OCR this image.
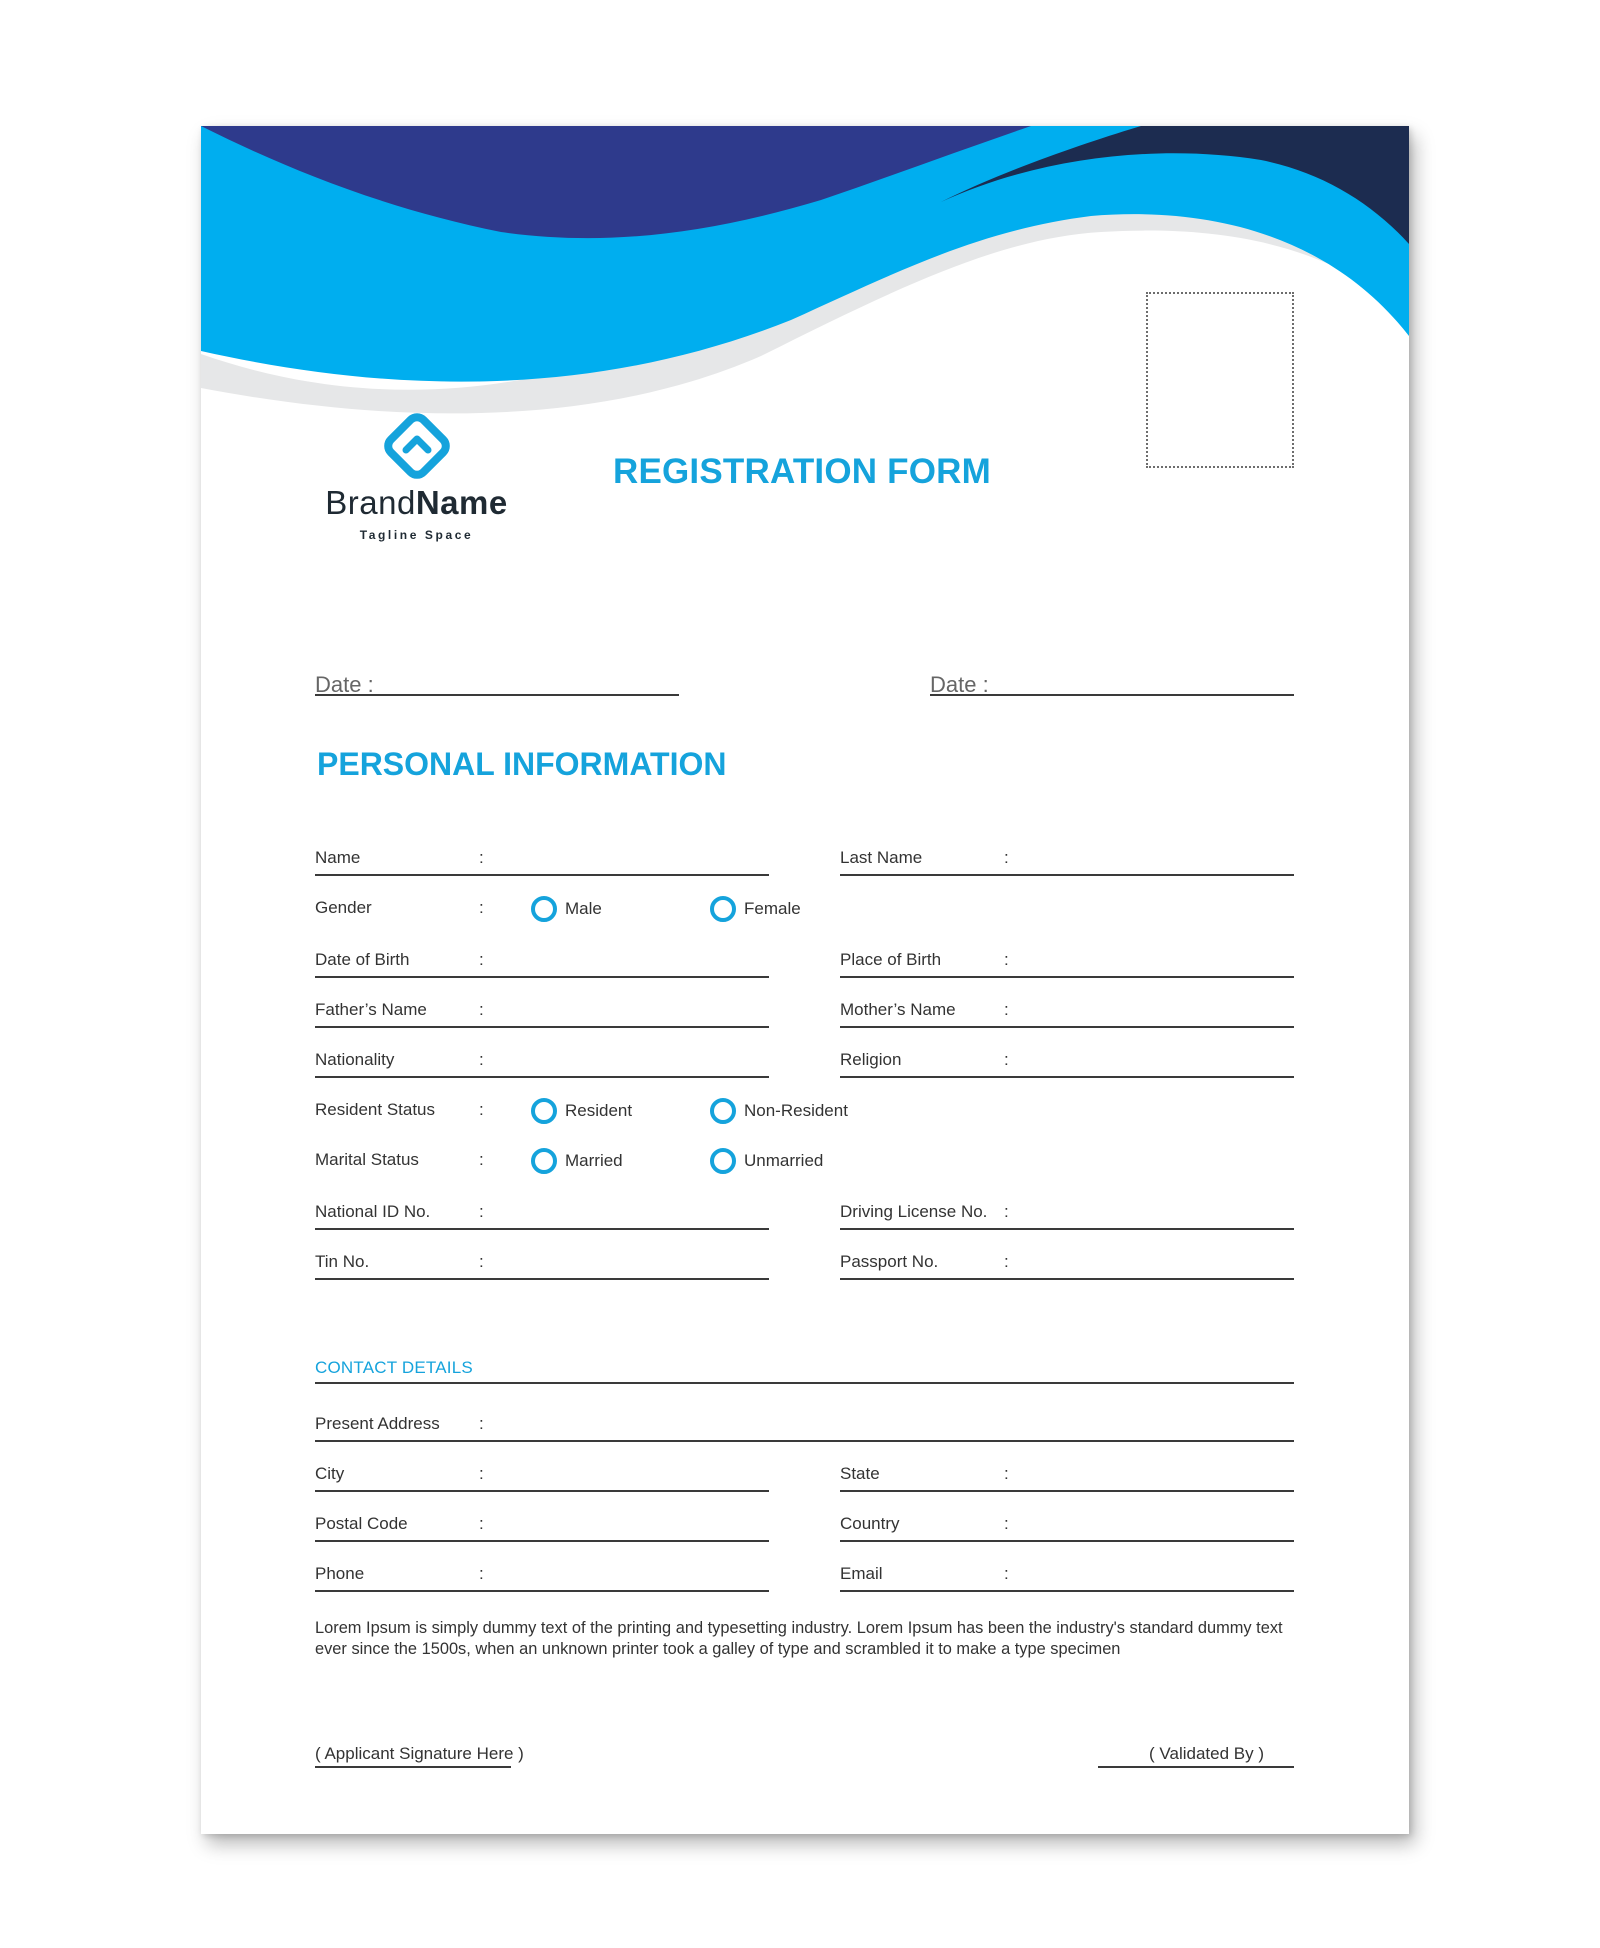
BrandName
Tagline Space
REGISTRATION FORM
Date :	Date :
PERSONAL INFORMATION
Name	:	Last Name	:
Gender	:	Male	Female
Date of Birth	:	Place of Birth	:
Father’s Name	:	Mother’s Name	:
Nationality	:	Religion	:
Resident Status	:	Resident	Non-Resident
Marital Status	:	Married	Unmarried
National ID No.	:	Driving License No. :
Tin No.	:	Passport No.	:
CONTACT DETAILS
Present Address :
City	:	State	:
Postal Code	:	Country	:
Phone	:	Email	:
Lorem Ipsum is simply dummy text of the printing and typesetting industry. Lorem Ipsum has been the industry's standard dummy text ever since the 1500s, when an unknown printer took a galley of type and scrambled it to make a type specimen
( Applicant Signature Here )	( Validated By )
